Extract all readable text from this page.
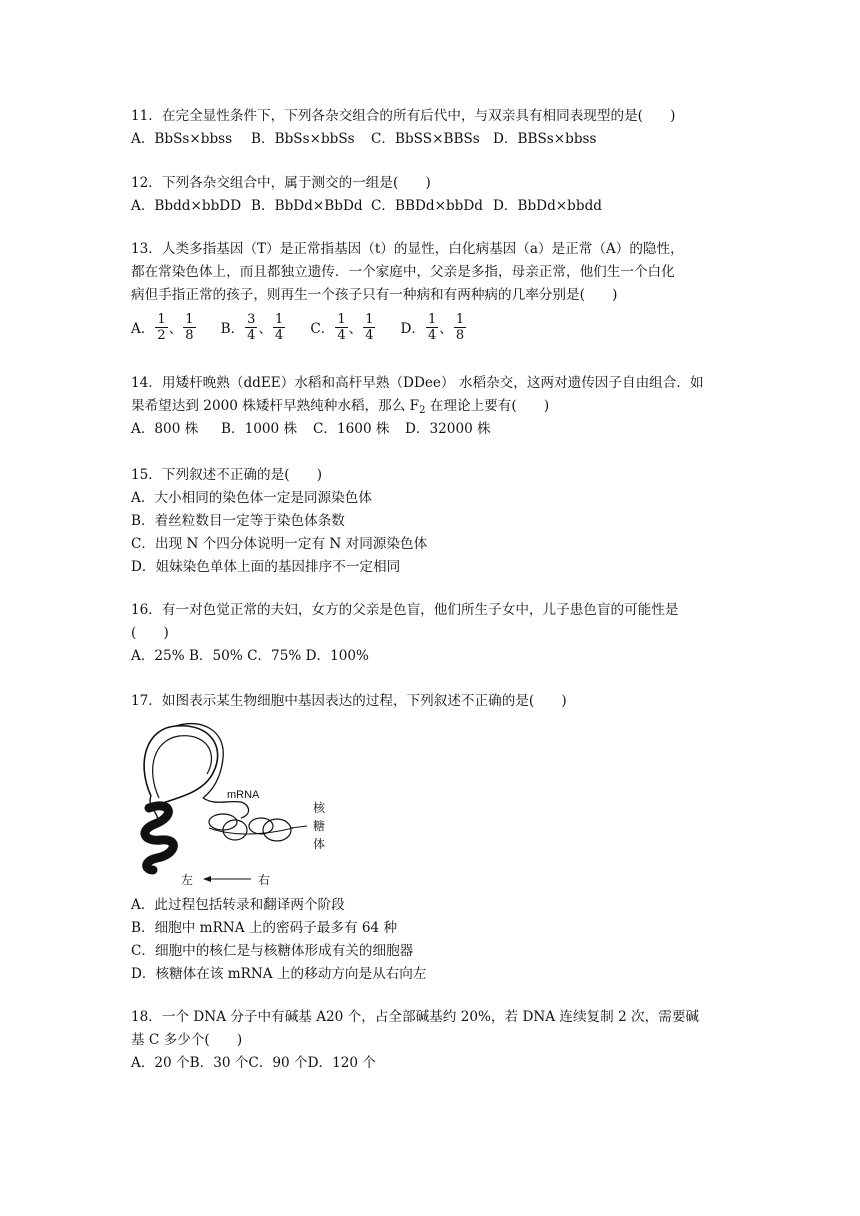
11．在完全显性条件下，下列各杂交组合的所有后代中，与双亲具有相同表现型的是(　　)
A．BbSs×bbss	B．BbSs×bbSs	C．BbSS×BBSs D．BBSs×bbss
12．下列各杂交组合中，属于测交的一组是(　　)
A．Bbdd×bbDD B．BbDd×BbDd C．BBDd×bbDd D．BbDd×bbdd
13．人类多指基因（T）是正常指基因（t）的显性，白化病基因（a）是正常（A）的隐性，
都在常染色体上，而且都独立遗传．一个家庭中，父亲是多指，母亲正常，他们生一个白化
病但手指正常的孩子，则再生一个孩子只有一种病和有两种病的几率分别是(　　)
A． $\frac{1}{2}$ 、 $\frac{1}{8}$ B． $\frac{3}{4}$ 、 $\frac{1}{4}$ C． $\frac{1}{4}$ 、 $\frac{1}{4}$ D． $\frac{1}{4}$ 、 $\frac{1}{8}$
14．用矮杆晚熟（ddEE）水稻和高杆早熟（DDee） 水稻杂交，这两对遗传因子自由组合．如
果希望达到 2000 株矮杆早熟纯种水稻，那么 $F_2$ 在理论上要有(　　)
A．800 株	B．1000 株	C．1600 株	D．32000 株
15．下列叙述不正确的是(　　)
A．大小相同的染色体一定是同源染色体
B．着丝粒数目一定等于染色体条数
C．出现 N 个四分体说明一定有 N 对同源染色体
D．姐妹染色单体上面的基因排序不一定相同
16．有一对色觉正常的夫妇，女方的父亲是色盲，他们所生子女中，儿子患色盲的可能性是
(　　)
A．25% B．50% C．75% D．100%
17．如图表示某生物细胞中基因表达的过程，下列叙述不正确的是(　　)
mRNA
核
糖
体
左	右
A．此过程包括转录和翻译两个阶段
B．细胞中 mRNA 上的密码子最多有 64 种
C．细胞中的核仁是与核糖体形成有关的细胞器
D．核糖体在该 mRNA 上的移动方向是从右向左
18．一个 DNA 分子中有碱基 A20 个，占全部碱基约 20%，若 DNA 连续复制 2 次，需要碱
基 C 多少个(　　)
A．20 个B．30 个C．90 个D．120 个
